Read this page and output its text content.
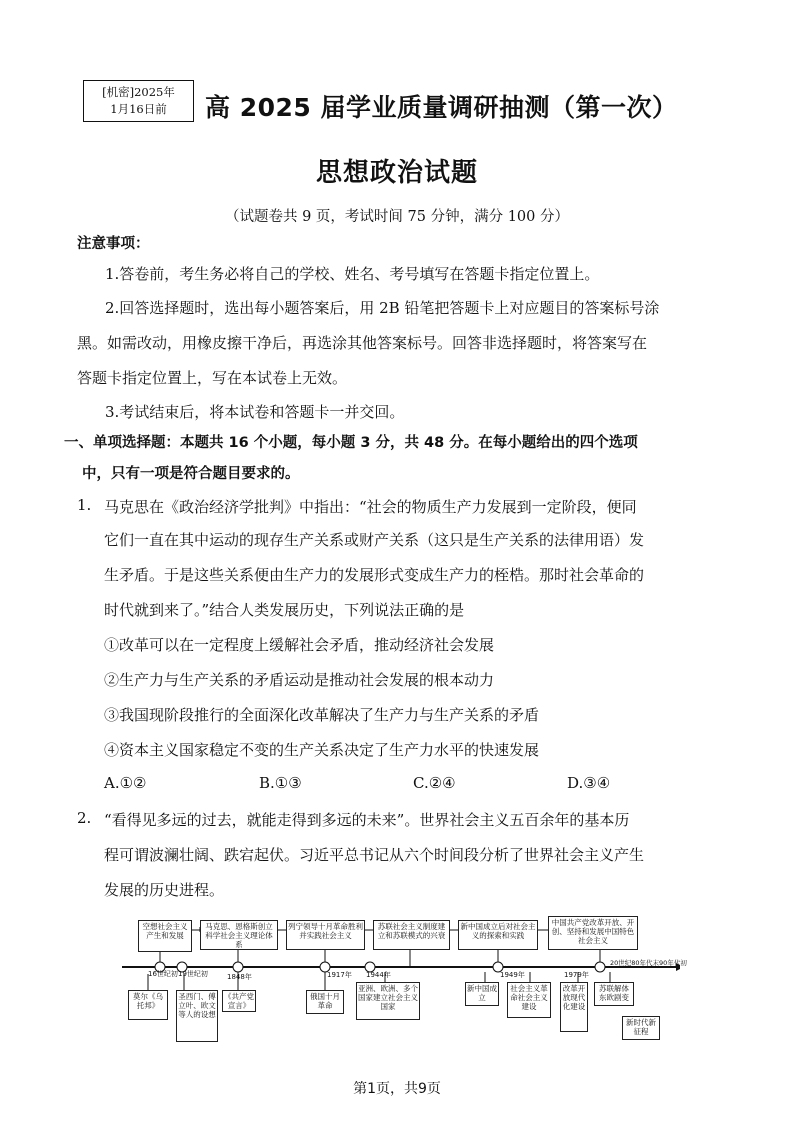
[机密]2025年
1月16日前	高 2025 届学业质量调研抽测（第一次）
思想政治试题
（试题卷共 9 页，考试时间 75 分钟，满分 100 分）
注意事项：
1.答卷前，考生务必将自己的学校、姓名、考号填写在答题卡指定位置上。
2.回答选择题时，选出每小题答案后，用 2B 铅笔把答题卡上对应题目的答案标号涂
黑。如需改动，用橡皮擦干净后，再选涂其他答案标号。回答非选择题时，将答案写在
答题卡指定位置上，写在本试卷上无效。
3.考试结束后，将本试卷和答题卡一并交回。
一、单项选择题：本题共 16 个小题，每小题 3 分，共 48 分。在每小题给出的四个选项
中，只有一项是符合题目要求的。
1. 马克思在《政治经济学批判》中指出：“社会的物质生产力发展到一定阶段，便同
它们一直在其中运动的现存生产关系或财产关系（这只是生产关系的法律用语）发
生矛盾。于是这些关系便由生产力的发展形式变成生产力的桎梏。那时社会革命的
时代就到来了。”结合人类发展历史，下列说法正确的是
①改革可以在一定程度上缓解社会矛盾，推动经济社会发展
②生产力与生产关系的矛盾运动是推动社会发展的根本动力
③我国现阶段推行的全面深化改革解决了生产力与生产关系的矛盾
④资本主义国家稳定不变的生产关系决定了生产力水平的快速发展
A.①②	B.①③	C.②④	D.③④
2. “看得见多远的过去，就能走得到多远的未来”。世界社会主义五百余年的基本历
程可谓波澜壮阔、跌宕起伏。习近平总书记从六个时间段分析了世界社会主义产生
发展的历史进程。
空想社会主义产生和发展
马克思、恩格斯创立科学社会主义理论体系
列宁领导十月革命胜利并实践社会主义
苏联社会主义制度建立和苏联模式的兴衰
新中国成立后对社会主义的探索和实践
中国共产党改革开放、开创、坚持和发展中国特色社会主义
16世纪初 19世纪初	1848年	1917年 1944年	1949年	1979年
20世纪80年代末90年代初
莫尔《乌托邦》
圣西门、傅立叶、欧文等人的设想
《共产党宣言》
俄国十月革命
亚洲、欧洲、多个国家建立社会主义国家
新中国成立
社会主义革命社会主义建设
改革开放现代化建设
苏联解体东欧剧变
新时代新征程
第1页，共9页
